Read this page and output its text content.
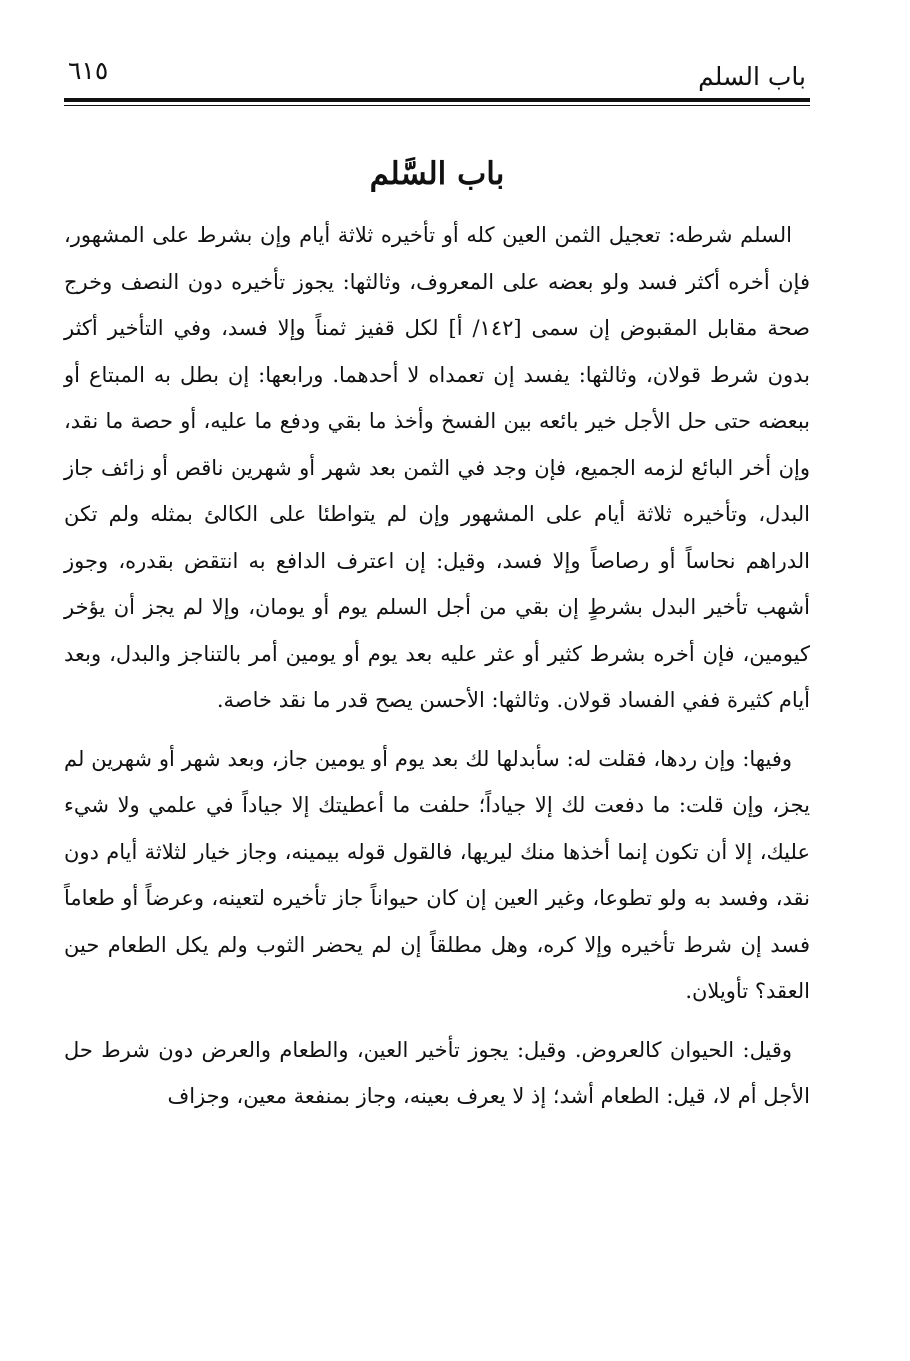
باب السلم
٦١٥
باب السَّلم

السلم شرطه: تعجيل الثمن العين كله أو تأخيره ثلاثة أيام وإن بشرط على المشهور، فإن أخره أكثر فسد ولو بعضه على المعروف، وثالثها: يجوز تأخيره دون النصف وخرج صحة مقابل المقبوض إن سمى [١٤٢/ أ] لكل قفيز ثمناً وإلا فسد، وفي التأخير أكثر بدون شرط قولان، وثالثها: يفسد إن تعمداه لا أحدهما. ورابعها: إن بطل به المبتاع أو ببعضه حتى حل الأجل خير بائعه بين الفسخ وأخذ ما بقي ودفع ما عليه، أو حصة ما نقد، وإن أخر البائع لزمه الجميع، فإن وجد في الثمن بعد شهر أو شهرين ناقص أو زائف جاز البدل، وتأخيره ثلاثة أيام على المشهور وإن لم يتواطئا على الكالئ بمثله ولم تكن الدراهم نحاساً أو رصاصاً وإلا فسد، وقيل: إن اعترف الدافع به انتقض بقدره، وجوز أشهب تأخير البدل بشرطٍ إن بقي من أجل السلم يوم أو يومان، وإلا لم يجز أن يؤخر كيومين، فإن أخره بشرط كثير أو عثر عليه بعد يوم أو يومين أمر بالتناجز والبدل، وبعد أيام كثيرة ففي الفساد قولان. وثالثها: الأحسن يصح قدر ما نقد خاصة.

وفيها: وإن ردها، فقلت له: سأبدلها لك بعد يوم أو يومين جاز، وبعد شهر أو شهرين لم يجز، وإن قلت: ما دفعت لك إلا جياداً؛ حلفت ما أعطيتك إلا جياداً في علمي ولا شيء عليك، إلا أن تكون إنما أخذها منك ليريها، فالقول قوله بيمينه، وجاز خيار لثلاثة أيام دون نقد، وفسد به ولو تطوعا، وغير العين إن كان حيواناً جاز تأخيره لتعينه، وعرضاً أو طعاماً فسد إن شرط تأخيره وإلا كره، وهل مطلقاً إن لم يحضر الثوب ولم يكل الطعام حين العقد؟ تأويلان.

وقيل: الحيوان كالعروض. وقيل: يجوز تأخير العين، والطعام والعرض دون شرط حل الأجل أم لا، قيل: الطعام أشد؛ إذ لا يعرف بعينه، وجاز بمنفعة معين، وجزاف
